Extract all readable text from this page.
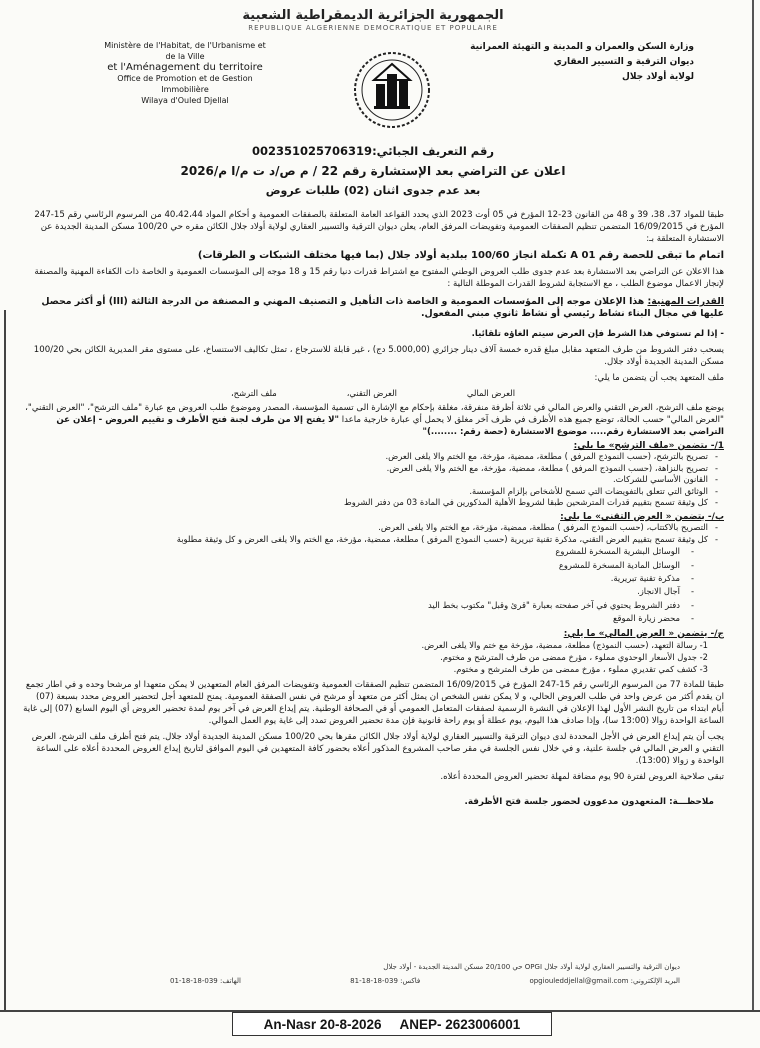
الجمهورية الجزائرية الديمقراطية الشعبية
REPUBLIQUE ALGERIENNE DEMOCRATIQUE ET POPULAIRE
Ministère de l'Habitat, de l'Urbanisme et de la Ville
et l'Aménagement du territoire
Office de Promotion et de Gestion Immobilière
Wilaya d'Ouled Djellal
وزارة السكن والعمران و المدينة و التهيئة العمرانية
ديوان الترقية و التسيير العقاري
لولاية أولاد جلال
رقم التعريف الجبائي:002351025706319
اعلان عن التراضي بعد الإستشارة رقم 22 / م ص/د ت م/ا م/2026
بعد عدم جدوى اثنان (02) طلبات عروض
طبقا للمواد 37، 38، 39 و 48 من القانون 23-12 المؤرخ في 05 أوت 2023 الذي يحدد القواعد العامة المتعلقة بالصفقات العمومية و أحكام المواد 40،42،44 من المرسوم الرئاسي رقم 15-247 المؤرخ في 16/09/2015 المتضمن تنظيم الصفقات العمومية وتفويضات المرفق العام، يعلن ديوان الترقية والتسيير العقاري لولاية أولاد جلال الكائن مقره حي 100/20 مسكن المدينة الجديدة عن الاستشارة المتعلقة بـ:
اتمام ما تبقى للحصة رقم A 01 تكملة انجاز 100/60 ببلدية أولاد جلال (بما فيها مختلف الشبكات و الطرقات)
هذا الاعلان عن التراضي بعد الاستشارة بعد عدم جدوى طلب العروض الوطني المفتوح مع اشتراط قدرات دنيا رقم 15 و 18 موجه إلى المؤسسات العمومية و الخاصة ذات الكفاءة المهنية والمصنفة لإنجاز الاعمال موضوع الطلب ، مع الاستجابة لشروط القدرات الموطلة التالية :
القدرات المهنية: هذا الإعلان موجه إلى المؤسسات العمومية و الخاصة ذات التأهيل و التصنيف المهني و المصنفة من الدرجة الثالثة (III) أو أكثر محصل عليها في مجال البناء نشاط رئيسي أو نشاط ثانوي مبني المفعول.
- إذا لم تستوفي هذا الشرط فإن العرض سيتم الغاؤه تلقائيا.
يسحب دفتر الشروط من طرف المتعهد مقابل مبلغ قدره خمسة آلاف دينار جزائري (5.000,00 دج) ، غير قابلة للاسترجاع ، تمثل تكاليف الاستنساخ، على مستوى مقر المديرية الكائن بحي 100/20 مسكن المدينة الجديدة أولاد جلال.
ملف المتعهد يجب أن يتضمن ما يلي:
ملف الترشح،	العرض التقني،	العرض المالي
يوضع ملف الترشح، العرض التقني والعرض المالي في ثلاثة أظرفة منفرقة، مغلقة بإحكام مع الإشارة الى تسمية المؤسسة، المصدر وموضوع طلب العروض مع عبارة "ملف الترشح"، "العرض التقني"، "العرض المالي" حسب الحالة، توضع جميع هذه الأظرف في ظرف آخر مغلق لا يحمل أي عبارة خارجية ماعدا "لا يفتح إلا من طرف لجنة فتح الأظرف و تقييم العروض - إعلان عن التراضي بعد الاستشارة رقم..... موضوع الاستشارة (حصة رقم: ........)"
1/- يتضمن «ملف الترشح» ما يلي:
- تصريح بالترشح، (حسب النموذج المرفق ) مطلعة، ممضية، مؤرخة، مع الختم والا يلغى العرض.
- تصريح بالنزاهة، (حسب النموذج المرفق ) مطلعة، ممضية، مؤرخة، مع الختم والا يلغى العرض.
- القانون الأساسي للشركات.
- الوثائق التي تتعلق بالتفويضات التي تسمح للأشخاص بإلزام المؤسسة.
- كل وثيقة تسمح بتقييم قدرات المترشحين طبقا لشروط الأهلية المذكورين في المادة 03 من دفتر الشروط
ب/- يتضمن « العرض التقني» ما يلي:
- التصريح بالاكتتاب، (حسب النموذج المرفق ) مطلعة، ممضية، مؤرخة، مع الختم والا يلغى العرض.
- كل وثيقة تسمح بتقييم العرض التقني، مذكرة تقنية تبريرية (حسب النموذج المرفق ) مطلعة، ممضية، مؤرخة، مع الختم والا يلغى العرض و كل وثيقة مطلوبة
- الوسائل البشرية المسخرة للمشروع
- الوسائل المادية المسخرة للمشروع
- مذكرة تقنية تبريرية.
- آجال الانجاز.
- دفتر الشروط يحتوي في آخر صفحته بعبارة "قرئ وقبل" مكتوب بخط اليد
- محضر زيارة الموقع
ج/- يتضمن « العرض المالي» ما يلي:
1- رسالة التعهد، (حسب النموذج) مطلعة، ممضية، مؤرخة مع ختم والا يلغى العرض.
2- جدول الأسعار الوحدوي مملوء ، مؤرخ ممضى من طرف المترشح و مختوم.
3- كشف كمي تقديري مملوء ، مؤرخ ممضى من طرف المترشح و مختوم.
طبقا للمادة 77 من المرسوم الرئاسي رقم 15-247 المؤرخ في 16/09/2015 المتضمن تنظيم الصفقات العمومية وتفويضات المرفق العام المتعهدين لا يمكن متعهدا او مرشحا وحده و في اطار تجمع ان يقدم أكثر من عرض واحد في طلب العروض الحالي، و لا يمكن نفس الشخص ان يمثل أكثر من متعهد أو مرشح في نفس الصفقة العمومية. يمنح للمتعهد أجل لتحضير العروض محدد بسبعة (07) أيام ابتداء من تاريخ النشر الأول لهذا الإعلان في النشرة الرسمية لصفقات المتعامل العمومي أو في الصحافة الوطنية. يتم إيداع العرض في آخر يوم لمدة تحضير العروض أي اليوم السابع (07) إلى غاية الساعة الواحدة زوالا (13:00 سا)، وإذا صادف هذا اليوم، يوم عطلة أو يوم راحة قانونية فإن مدة تحضير العروض تمدد إلى غاية يوم العمل الموالي.
يجب أن يتم إيداع العرض في الأجل المحددة لدى ديوان الترقية والتسيير العقاري لولاية أولاد جلال الكائن مقرها بحي 100/20 مسكن المدينة الجديدة أولاد جلال. يتم فتح أظرف ملف الترشح، العرض التقني و العرض المالي في جلسة علنية، و في خلال نفس الجلسة في مقر صاحب المشروع المذكور أعلاه بحضور كافة المتعهدين في اليوم الموافق لتاريخ إيداع العروض المحددة أعلاه على الساعة الواحدة و زوالا (13:00).
تبقى صلاحية العروض لفترة 90 يوم مضافة لمهلة تحضير العروض المحددة أعلاه.
ملاحظـــة: المتعهدون مدعوون لحضور جلسة فتح الأظرفة.
ديوان الترقية والتسيير العقاري لولاية أولاد جلال OPGI حي 20/100 مسكن المدينة الجديدة - أولاد جلال
الهاتف: 039-18-18-01	فاكس: 039-18-18-81	البريد الإلكتروني: opgiouleddjellal@gmail.com
An-Nasr 20-8-2026 ANEP- 2623006001
